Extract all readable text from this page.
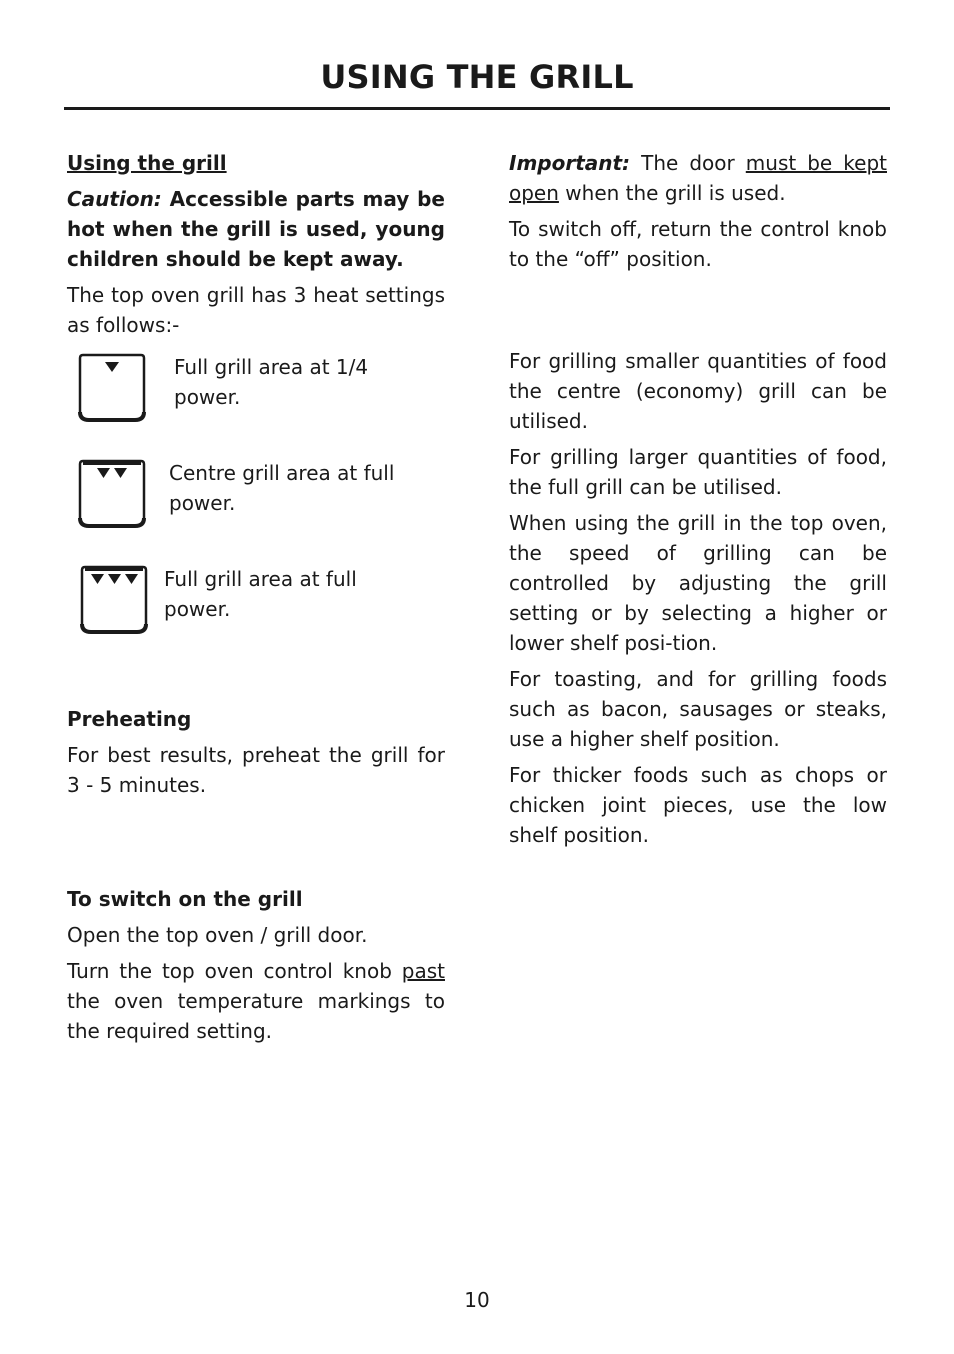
USING THE GRILL

Using the grill

Caution: Accessible parts may be hot when the grill is used, young children should be kept away.

The top oven grill has 3 heat settings as follows:-

Full grill area at 1/4
power.
Centre grill area at full
power.
Full grill area at full
power.

Preheating

For best results, preheat the grill for 3 - 5 minutes.

To switch on the grill

Open the top oven / grill door.

Turn the top oven control knob past the oven temperature markings to the required setting.

Important: The door must be kept open when the grill is used.

To switch off, return the control knob to the “off” position.

For grilling smaller quantities of food the centre (economy) grill can be utilised.

For grilling larger quantities of food, the full grill can be utilised.

When using the grill in the top oven, the speed of grilling can be controlled by adjusting the grill setting or by selecting a higher or lower shelf posi-tion.

For toasting, and for grilling foods such as bacon, sausages or steaks, use a higher shelf position.

For thicker foods such as chops or chicken joint pieces, use the low shelf position.

10
